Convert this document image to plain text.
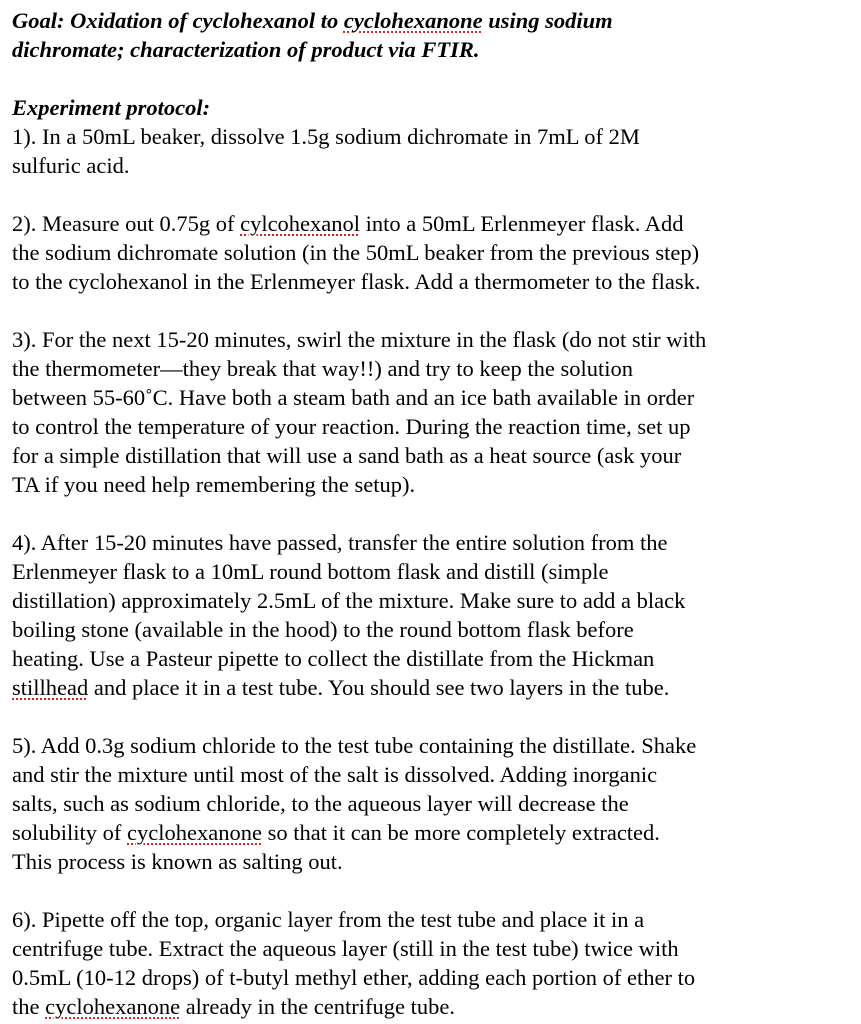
Goal: Oxidation of cyclohexanol to cyclohexanone using sodium
dichromate; characterization of product via FTIR.
Experiment protocol:
1). In a 50mL beaker, dissolve 1.5g sodium dichromate in 7mL of 2M
sulfuric acid.
2). Measure out 0.75g of cylcohexanol into a 50mL Erlenmeyer flask. Add
the sodium dichromate solution (in the 50mL beaker from the previous step)
to the cyclohexanol in the Erlenmeyer flask. Add a thermometer to the flask.
3). For the next 15-20 minutes, swirl the mixture in the flask (do not stir with
the thermometer—they break that way!!) and try to keep the solution
between 55-60˚C. Have both a steam bath and an ice bath available in order
to control the temperature of your reaction. During the reaction time, set up
for a simple distillation that will use a sand bath as a heat source (ask your
TA if you need help remembering the setup).
4). After 15-20 minutes have passed, transfer the entire solution from the
Erlenmeyer flask to a 10mL round bottom flask and distill (simple
distillation) approximately 2.5mL of the mixture. Make sure to add a black
boiling stone (available in the hood) to the round bottom flask before
heating. Use a Pasteur pipette to collect the distillate from the Hickman
stillhead and place it in a test tube. You should see two layers in the tube.
5). Add 0.3g sodium chloride to the test tube containing the distillate. Shake
and stir the mixture until most of the salt is dissolved. Adding inorganic
salts, such as sodium chloride, to the aqueous layer will decrease the
solubility of cyclohexanone so that it can be more completely extracted.
This process is known as salting out.
6). Pipette off the top, organic layer from the test tube and place it in a
centrifuge tube. Extract the aqueous layer (still in the test tube) twice with
0.5mL (10-12 drops) of t-butyl methyl ether, adding each portion of ether to
the cyclohexanone already in the centrifuge tube.
